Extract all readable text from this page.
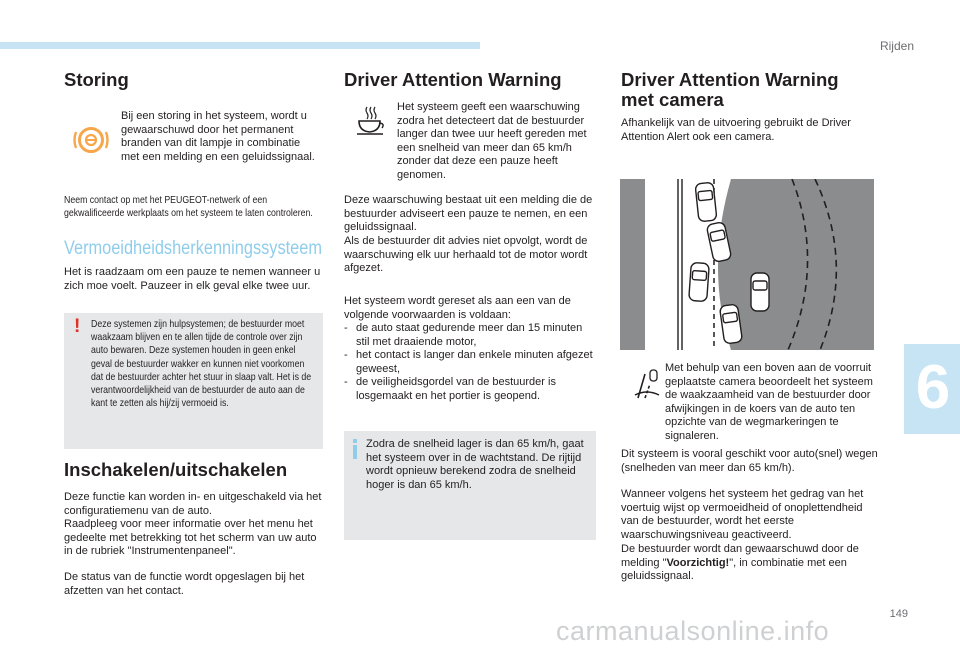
Rijden
6
Storing

Bij een storing in het systeem, wordt u gewaarschuwd door het permanent branden van dit lampje in combinatie met een melding en een geluidssignaal.

Neem contact op met het PEUGEOT-netwerk of een gekwalificeerde werkplaats om het systeem te laten controleren.

Vermoeidheidsherkenningssysteem

Het is raadzaam om een pauze te nemen wanneer u zich moe voelt. Pauzeer in elk geval elke twee uur.

! Deze systemen zijn hulpsystemen; de bestuurder moet waakzaam blijven en te allen tijde de controle over zijn auto bewaren. Deze systemen houden in geen enkel geval de bestuurder wakker en kunnen niet voorkomen dat de bestuurder achter het stuur in slaap valt. Het is de verantwoordelijkheid van de bestuurder de auto aan de kant te zetten als hij/zij vermoeid is.

Inschakelen/uitschakelen

Deze functie kan worden in- en uitgeschakeld via het configuratiemenu van de auto.

Raadpleeg voor meer informatie over het menu het gedeelte met betrekking tot het scherm van uw auto in de rubriek "Instrumentenpaneel".

De status van de functie wordt opgeslagen bij het afzetten van het contact.

Driver Attention Warning

Het systeem geeft een waarschuwing zodra het detecteert dat de bestuurder langer dan twee uur heeft gereden met een snelheid van meer dan 65 km/h zonder dat deze een pauze heeft genomen.

Deze waarschuwing bestaat uit een melding die de bestuurder adviseert een pauze te nemen, en een geluidssignaal.

Als de bestuurder dit advies niet opvolgt, wordt de waarschuwing elk uur herhaald tot de motor wordt afgezet.

Het systeem wordt gereset als aan een van de volgende voorwaarden is voldaan:

- de auto staat gedurende meer dan 15 minuten stil met draaiende motor,
- het contact is langer dan enkele minuten afgezet geweest,
- de veiligheidsgordel van de bestuurder is losgemaakt en het portier is geopend.

Zodra de snelheid lager is dan 65 km/h, gaat het systeem over in de wachtstand. De rijtijd wordt opnieuw berekend zodra de snelheid hoger is dan 65 km/h.

Driver Attention Warning
met camera

Afhankelijk van de uitvoering gebruikt de Driver Attention Alert ook een camera.

Met behulp van een boven aan de voorruit geplaatste camera beoordeelt het systeem de waakzaamheid van de bestuurder door afwijkingen in de koers van de auto ten opzichte van de wegmarkeringen te signaleren.

Dit systeem is vooral geschikt voor auto(snel) wegen (snelheden van meer dan 65 km/h).

Wanneer volgens het systeem het gedrag van het voertuig wijst op vermoeidheid of onoplettendheid van de bestuurder, wordt het eerste waarschuwingsniveau geactiveerd.

De bestuurder wordt dan gewaarschuwd door de melding "Voorzichtig!", in combinatie met een geluidssignaal.

149
carmanualsonline.info
